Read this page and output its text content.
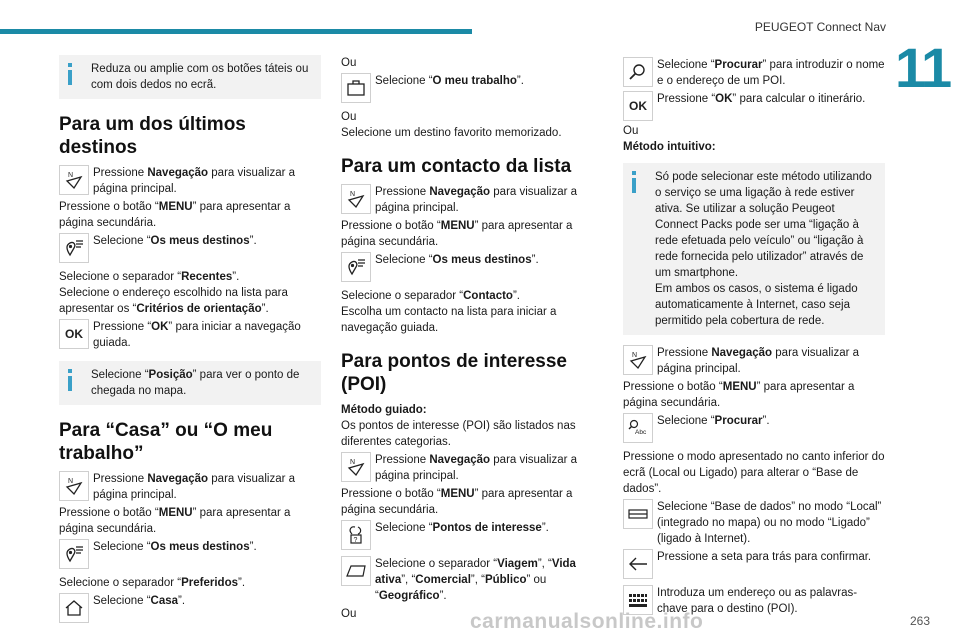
PEUGEOT Connect Nav
11

Reduza ou amplie com os botões táteis ou com dois dedos no ecrã.

Para um dos últimos destinos
N Pressione Navegação para visualizar a página principal.

Pressione o botão “MENU” para apresentar a página secundária.

Selecione “Os meus destinos”.

Selecione o separador “Recentes”.

Selecione o endereço escolhido na lista para apresentar os “Critérios de orientação”.

OK Pressione “OK” para iniciar a navegação guiada.

Selecione “Posição” para ver o ponto de chegada no mapa.

Para “Casa” ou “O meu trabalho”
N Pressione Navegação para visualizar a página principal.

Pressione o botão “MENU” para apresentar a página secundária.

Selecione “Os meus destinos”.

Selecione o separador “Preferidos”.

Selecione “Casa”.

Ou

Selecione “O meu trabalho”.

Ou

Selecione um destino favorito memorizado.

Para um contacto da lista
N Pressione Navegação para visualizar a página principal.

Pressione o botão “MENU” para apresentar a página secundária.

Selecione “Os meus destinos”.

Selecione o separador “Contacto”.

Escolha um contacto na lista para iniciar a navegação guiada.

Para pontos de interesse (POI)

Método guiado:

Os pontos de interesse (POI) são listados nas diferentes categorias.

N Pressione Navegação para visualizar a página principal.

Pressione o botão “MENU” para apresentar a página secundária.

?
Selecione “Pontos de interesse”.
Selecione o separador “Viagem”, “Vida ativa”, “Comercial”, “Público” ou “Geográfico”.

Ou

Selecione “Procurar” para introduzir o nome e o endereço de um POI.
OK Pressione “OK” para calcular o itinerário.

Ou

Método intuitivo:

Só pode selecionar este método utilizando o serviço se uma ligação à rede estiver ativa. Se utilizar a solução Peugeot Connect Packs pode ser uma “ligação à rede efetuada pelo veículo” ou “ligação à rede fornecida pelo utilizador” através de um smartphone.

Em ambos os casos, o sistema é ligado automaticamente à Internet, caso seja permitido pela cobertura de rede.

N Pressione Navegação para visualizar a página principal.

Pressione o botão “MENU” para apresentar a página secundária.

Abc
Selecione “Procurar”.

Pressione o modo apresentado no canto inferior do ecrã (Local ou Ligado) para alterar o “Base de dados”.

Selecione “Base de dados” no modo “Local” (integrado no mapa) ou no modo “Ligado” (ligado à Internet).
Pressione a seta para trás para confirmar.
Introduza um endereço ou as palavras-chave para o destino (POI).
carmanualsonline.info	263
